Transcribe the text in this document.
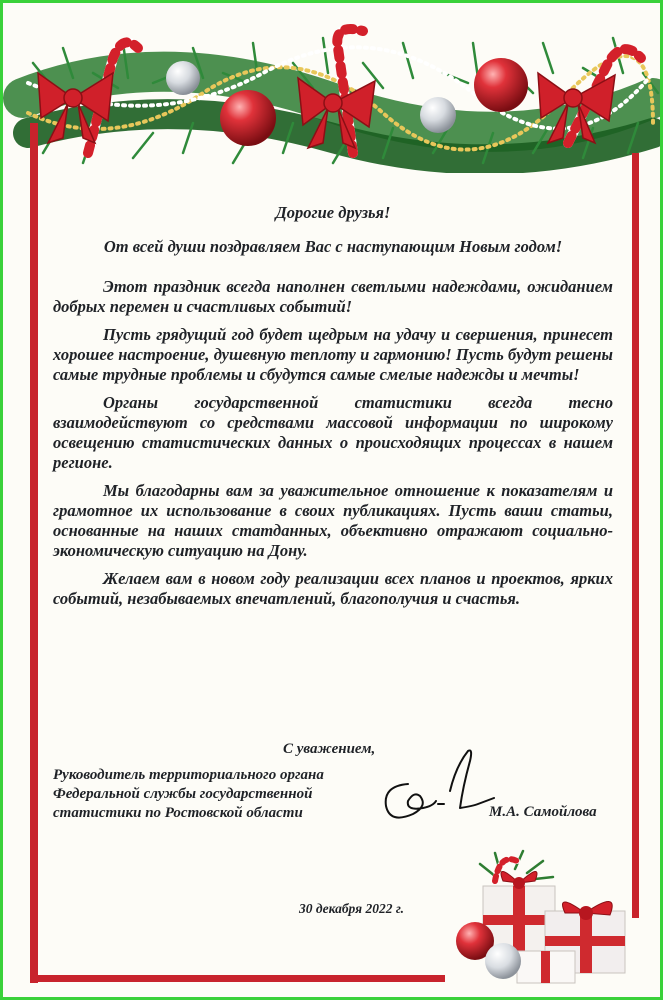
Дорогие друзья!

От всей души поздравляем Вас с наступающим Новым годом!

Этот праздник всегда наполнен светлыми надеждами, ожиданием добрых перемен и счастливых событий!

Пусть грядущий год будет щедрым на удачу и свершения, принесет хорошее настроение, душевную теплоту и гармонию! Пусть будут решены самые трудные проблемы и сбудутся самые смелые надежды и мечты!

Органы государственной статистики всегда тесно взаимодействуют со средствами массовой информации по широкому освещению статистических данных о происходящих процессах в нашем регионе.

Мы благодарны вам за уважительное отношение к показателям и грамотное их использование в своих публикациях. Пусть ваши статьи, основанные на наших статданных, объективно отражают социально-экономическую ситуацию на Дону.

Желаем вам в новом году реализации всех планов и проектов, ярких событий, незабываемых впечатлений, благополучия и счастья.

С уважением,
Руководитель территориального органа
Федеральной службы государственной
статистики по Ростовской области	М.А. Самойлова
30 декабря 2022 г.
